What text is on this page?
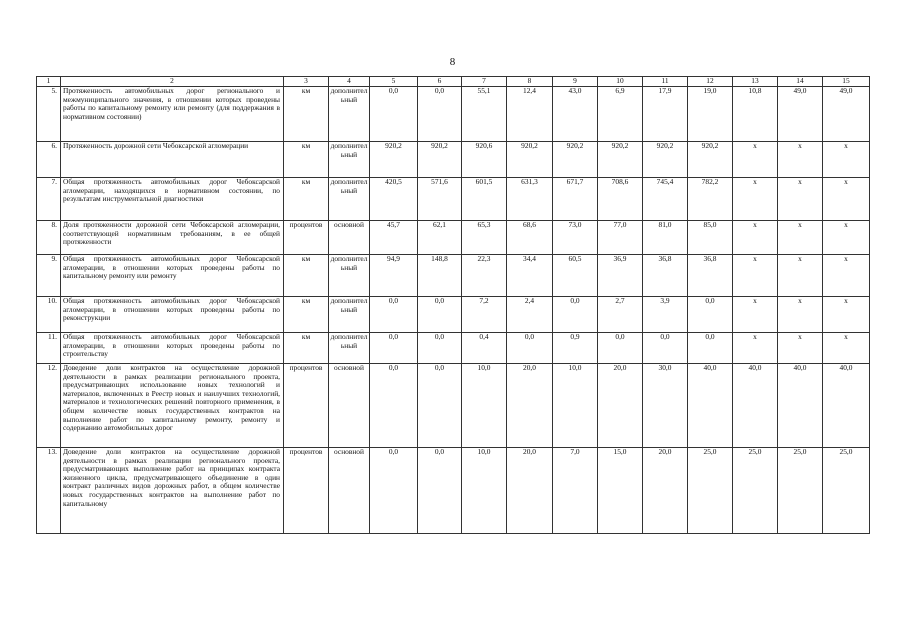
8
1	2	3	4	5	6	7	8	9	10	11	12	13	14	15
5.	Протяженность автомобильных дорог регионального и межмуниципального значения, в отношении которых проведены работы по капитальному ремонту или ремонту (для поддержания в нормативном состоянии)	км	дополнительный	0,0	0,0	55,1	12,4	43,0	6,9	17,9	19,0	10,8	49,0	49,0
6.	Протяженность дорожной сети Чебоксарской агломерации	км	дополнительный	920,2	920,2	920,6	920,2	920,2	920,2	920,2	920,2	х	х	х
7.	Общая протяженность автомобильных дорог Чебоксарской агломерации, находящихся в нормативном состоянии, по результатам инструментальной диагностики	км	дополнительный	420,5	571,6	601,5	631,3	671,7	708,6	745,4	782,2	х	х	х
8.	Доля протяженности дорожной сети Чебоксарской агломерации, соответствующей нормативным требованиям, в ее общей протяженности	процентов	основной	45,7	62,1	65,3	68,6	73,0	77,0	81,0	85,0	х	х	х
9.	Общая протяженность автомобильных дорог Чебоксарской агломерации, в отношении которых проведены работы по капитальному ремонту или ремонту	км	дополнительный	94,9	148,8	22,3	34,4	60,5	36,9	36,8	36,8	х	х	х
10.	Общая протяженность автомобильных дорог Чебоксарской агломерации, в отношении которых проведены работы по реконструкции	км	дополнительный	0,0	0,0	7,2	2,4	0,0	2,7	3,9	0,0	х	х	х
11.	Общая протяженность автомобильных дорог Чебоксарской агломерации, в отношении которых проведены работы по строительству	км	дополнительный	0,0	0,0	0,4	0,0	0,9	0,0	0,0	0,0	х	х	х
12.	Доведение доли контрактов на осуществление дорожной деятельности в рамках реализации регионального проекта, предусматривающих использование новых технологий и материалов, включенных в Реестр новых и наилучших технологий, материалов и технологических решений повторного применения, в общем количестве новых государственных контрактов на выполнение работ по капитальному ремонту, ремонту и содержанию автомобильных дорог	процентов	основной	0,0	0,0	10,0	20,0	10,0	20,0	30,0	40,0	40,0	40,0	40,0
13.	Доведение доли контрактов на осуществление дорожной деятельности в рамках реализации регионального проекта, предусматривающих выполнение работ на принципах контракта жизненного цикла, предусматривающего объединение в один контракт различных видов дорожных работ, в общем количестве новых государственных контрактов на выполнение работ по капитальному	процентов	основной	0,0	0,0	10,0	20,0	7,0	15,0	20,0	25,0	25,0	25,0	25,0
